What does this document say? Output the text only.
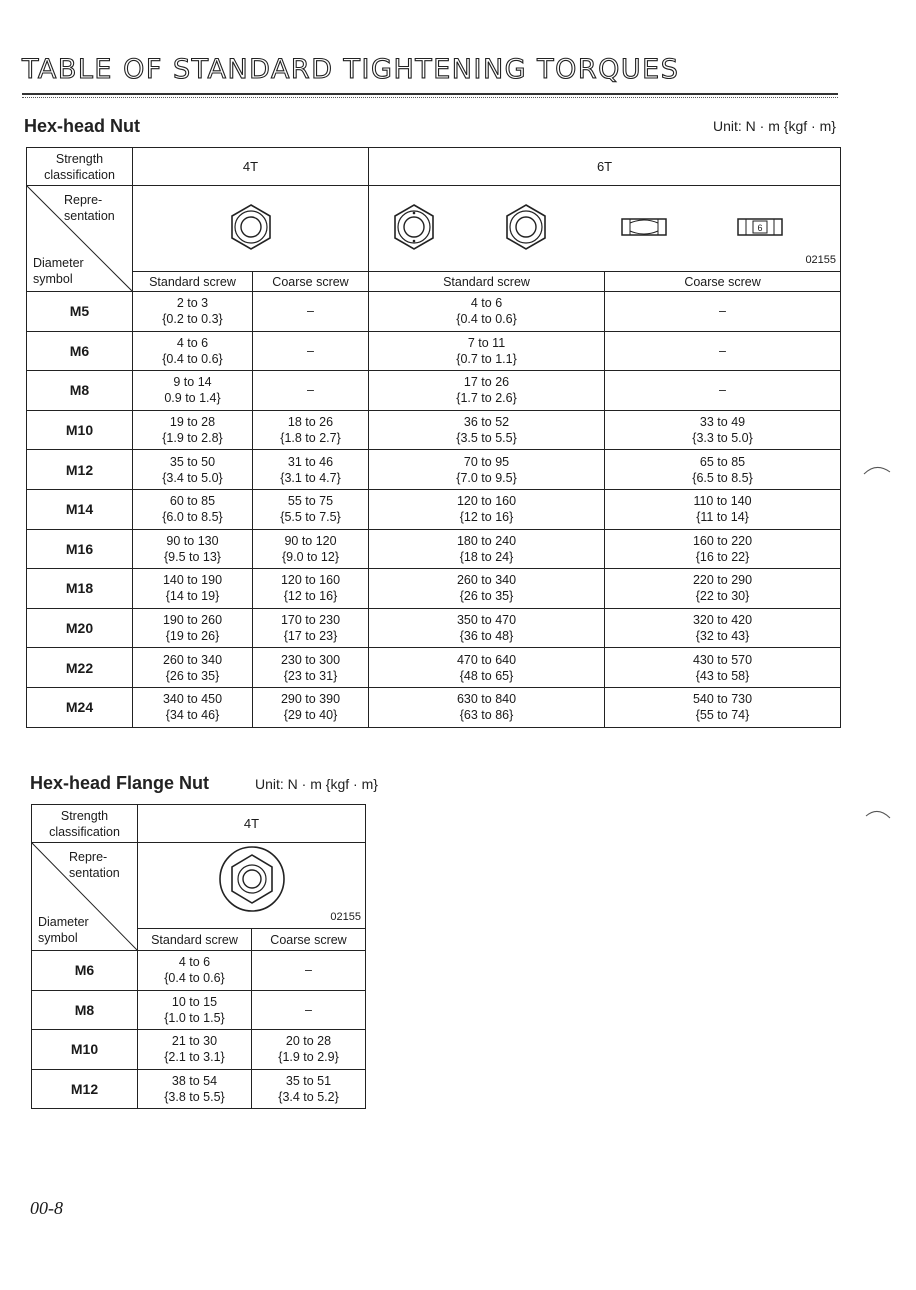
TABLE OF STANDARD TIGHTENING TORQUES
Hex-head Nut	Unit: N · m {kgf · m}
Strength classification	4T		6T	

Repre- sentation
Diameter symbol			6
02155	

	Standard screw	Coarse screw	Standard screw	Coarse screw
M5	2 to 3
{0.2 to 0.3}	–	4 to 6
{0.4 to 0.6}	–

M6	4 to 6
{0.4 to 0.6}	–	7 to 11
{0.7 to 1.1}	–

M8	9 to 14
0.9 to 1.4}	–	17 to 26
{1.7 to 2.6}	–

M10	19 to 28
{1.9 to 2.8}	18 to 26
{1.8 to 2.7}	36 to 52
{3.5 to 5.5}	33 to 49
{3.3 to 5.0}

M12	35 to 50
{3.4 to 5.0}	31 to 46
{3.1 to 4.7}	70 to 95
{7.0 to 9.5}	65 to 85
{6.5 to 8.5}

M14	60 to 85
{6.0 to 8.5}	55 to 75
{5.5 to 7.5}	120 to 160
{12 to 16}	110 to 140
{11 to 14}

M16	90 to 130
{9.5 to 13}	90 to 120
{9.0 to 12}	180 to 240
{18 to 24}	160 to 220
{16 to 22}

M18	140 to 190
{14 to 19}	120 to 160
{12 to 16}	260 to 340
{26 to 35}	220 to 290
{22 to 30}

M20	190 to 260
{19 to 26}	170 to 230
{17 to 23}	350 to 470
{36 to 48}	320 to 420
{32 to 43}

M22	260 to 340
{26 to 35}	230 to 300
{23 to 31}	470 to 640
{48 to 65}	430 to 570
{43 to 58}

M24	340 to 450
{34 to 46}	290 to 390
{29 to 40}	630 to 840
{63 to 86}	540 to 730
{55 to 74}
Hex-head Flange Nut	Unit: N · m {kgf · m}
Strength classification	4T	

Repre- sentation
Diameter symbol	02155	

	Standard screw	Coarse screw
M6	4 to 6
{0.4 to 0.6}	–

M8	10 to 15
{1.0 to 1.5}	–

M10	21 to 30
{2.1 to 3.1}	20 to 28
{1.9 to 2.9}

M12	38 to 54
{3.8 to 5.5}	35 to 51
{3.4 to 5.2}
00-8
